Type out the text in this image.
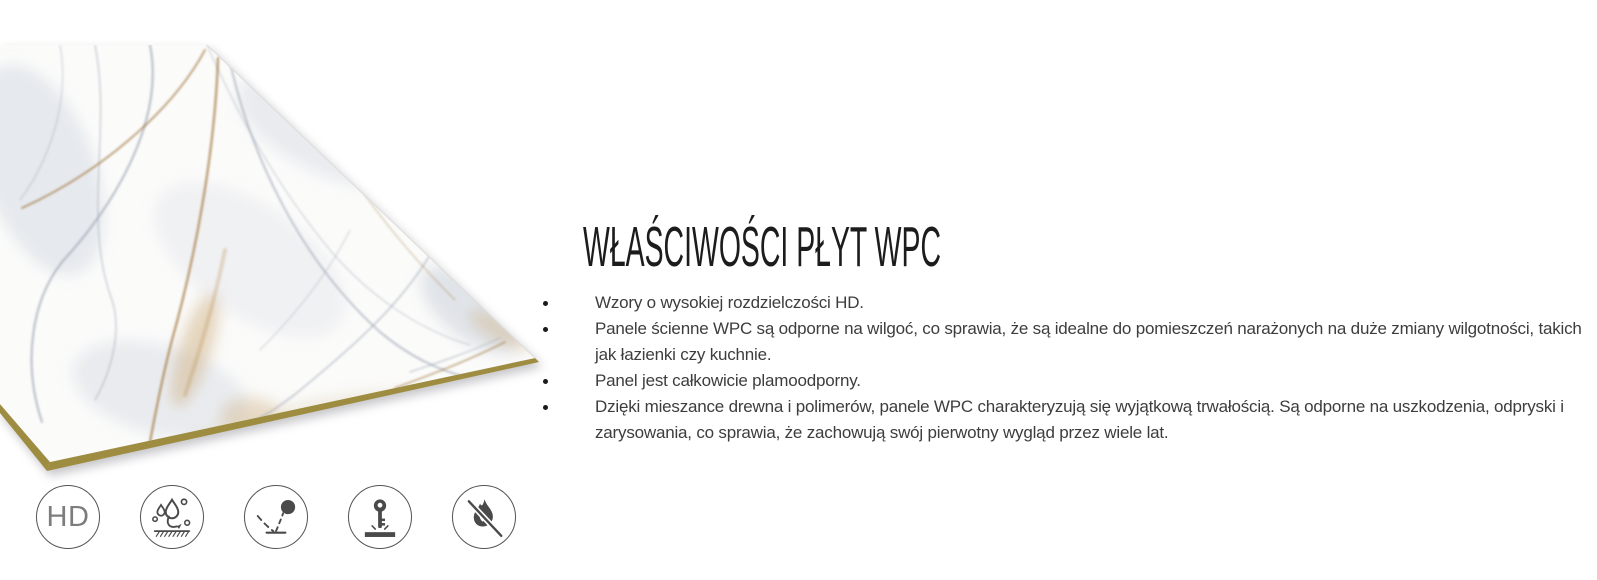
WŁAŚCIWOŚCI PŁYT WPC
Wzory o wysokiej rozdzielczości HD.
Panele ścienne WPC są odporne na wilgoć, co sprawia, że są idealne do pomieszczeń narażonych na duże zmiany wilgotności, takich jak łazienki czy kuchnie.
Panel jest całkowicie plamoodporny.
Dzięki mieszance drewna i polimerów, panele WPC charakteryzują się wyjątkową trwałością. Są odporne na uszkodzenia, odpryski i zarysowania, co sprawia, że zachowują swój pierwotny wygląd przez wiele lat.
HD
